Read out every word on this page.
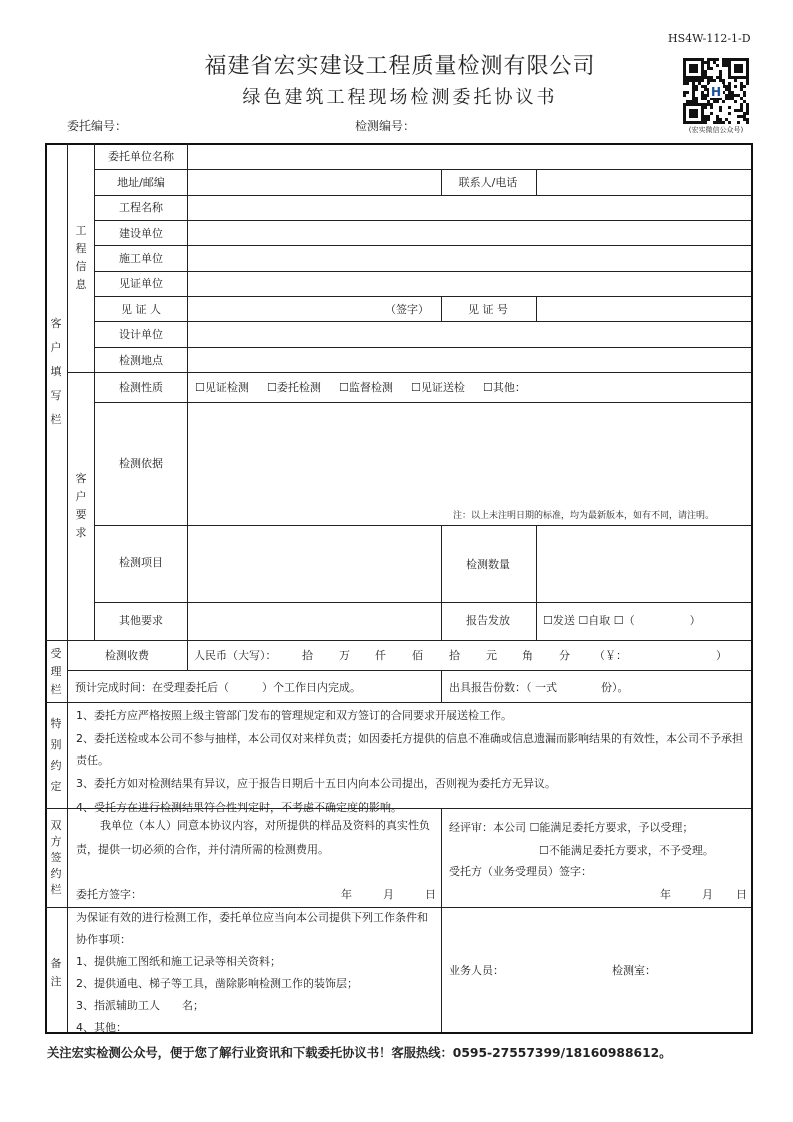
HS4W-112-1-D
福建省宏实建设工程质量检测有限公司
绿色建筑工程现场检测委托协议书
委托编号：	检测编号：
H
(宏实微信公众号)
客户填写栏
工程信息
客户要求
委托单位名称
地址/邮编	联系人/电话
工程名称
建设单位
施工单位
见证单位
见 证 人	（签字）	见 证 号
设计单位
检测地点
检测性质	☐见证检测 ☐委托检测 ☐监督检测 ☐见证送检 ☐其他：
检测依据
注：以上未注明日期的标准，均为最新版本，如有不同，请注明。
检测项目	检测数量
其他要求	报告发放	☐发送 ☐自取 ☐（　　　　　）
受理栏
检测收费	人民币（大写）： 拾 万 仟 佰 拾 元 角 分 （￥：	）
预计完成时间：在受理委托后（　　　）个工作日内完成。	出具报告份数：（ 一式　　　　份）。
特别约定
1、委托方应严格按照上级主管部门发布的管理规定和双方签订的合同要求开展送检工作。
2、委托送检或本公司不参与抽样，本公司仅对来样负责；如因委托方提供的信息不准确或信息遗漏而影响结果的有效性，本公司不予承担责任。
3、委托方如对检测结果有异议，应于报告日期后十五日内向本公司提出，否则视为委托方无异议。
4、受托方在进行检测结果符合性判定时，不考虑不确定度的影响。
双方签约栏
我单位（本人）同意本协议内容，对所提供的样品及资料的真实性负责，提供一切必须的合作，并付清所需的检测费用。
委托方签字：	年	月	日
经评审：本公司 ☐能满足委托方要求，予以受理；
☐不能满足委托方要求，不予受理。
受托方（业务受理员）签字：
年	月 日
备注
为保证有效的进行检测工作，委托单位应当向本公司提供下列工作条件和协作事项：
1、提供施工图纸和施工记录等相关资料；
2、提供通电、梯子等工具，凿除影响检测工作的装饰层；
3、指派辅助工人　　名；
4、其他：
业务人员：	检测室：
关注宏实检测公众号，便于您了解行业资讯和下载委托协议书！客服热线：0595-27557399/18160988612。
